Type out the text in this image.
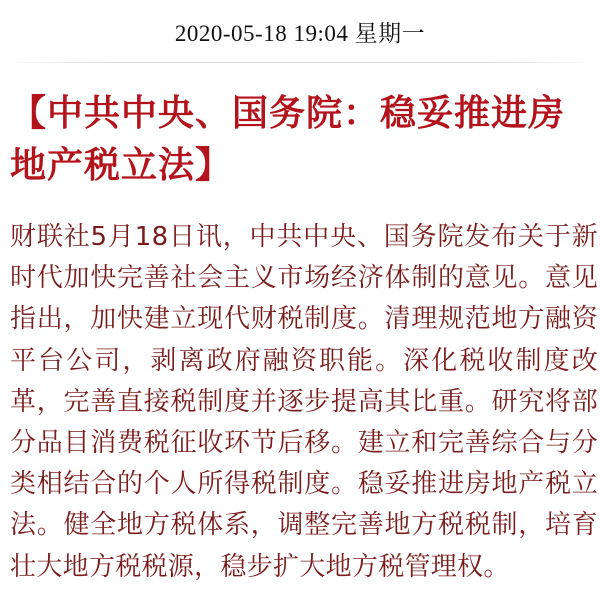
2020-05-18 19:04 星期一
【中共中央、国务院：稳妥推进房地产税立法】

财联社5月18日讯，中共中央、国务院发布关于新时代加快完善社会主义市场经济体制的意见。意见指出，加快建立现代财税制度。清理规范地方融资平台公司，剥离政府融资职能。深化税收制度改革，完善直接税制度并逐步提高其比重。研究将部分品目消费税征收环节后移。建立和完善综合与分类相结合的个人所得税制度。稳妥推进房地产税立法。健全地方税体系，调整完善地方税税制，培育壮大地方税税源，稳步扩大地方税管理权。
